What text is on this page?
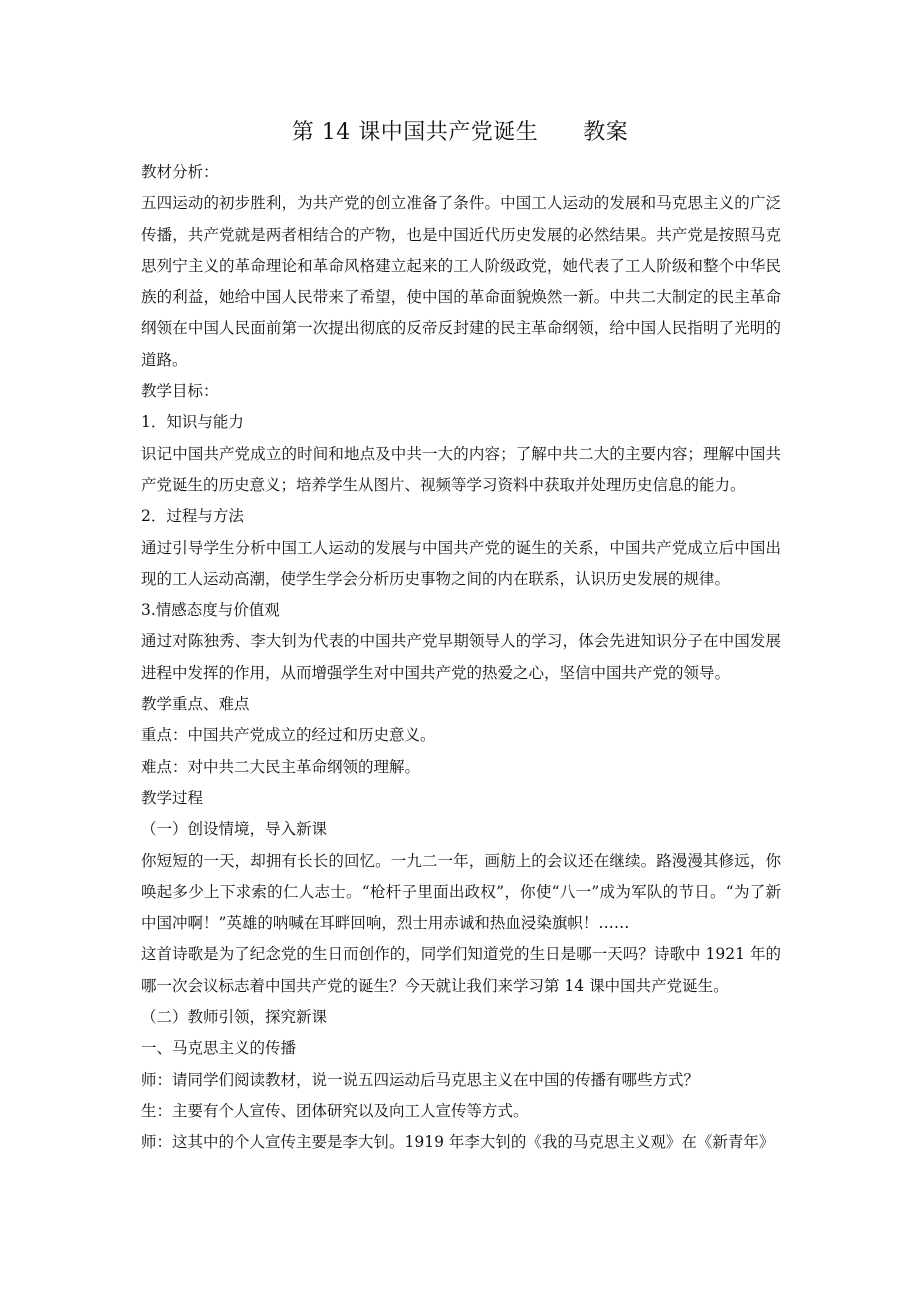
第 14 课中国共产党诞生      教案

教材分析：

五四运动的初步胜利，为共产党的创立准备了条件。中国工人运动的发展和马克思主义的广泛传播，共产党就是两者相结合的产物，也是中国近代历史发展的必然结果。共产党是按照马克思列宁主义的革命理论和革命风格建立起来的工人阶级政党，她代表了工人阶级和整个中华民族的利益，她给中国人民带来了希望，使中国的革命面貌焕然一新。中共二大制定的民主革命纲领在中国人民面前第一次提出彻底的反帝反封建的民主革命纲领，给中国人民指明了光明的道路。

教学目标：

1．知识与能力

识记中国共产党成立的时间和地点及中共一大的内容；了解中共二大的主要内容；理解中国共产党诞生的历史意义；培养学生从图片、视频等学习资料中获取并处理历史信息的能力。

2．过程与方法

通过引导学生分析中国工人运动的发展与中国共产党的诞生的关系，中国共产党成立后中国出现的工人运动高潮，使学生学会分析历史事物之间的内在联系，认识历史发展的规律。

3.情感态度与价值观

通过对陈独秀、李大钊为代表的中国共产党早期领导人的学习，体会先进知识分子在中国发展进程中发挥的作用，从而增强学生对中国共产党的热爱之心，坚信中国共产党的领导。

教学重点、难点

重点：中国共产党成立的经过和历史意义。

难点：对中共二大民主革命纲领的理解。

教学过程

（一）创设情境，导入新课

你短短的一天，却拥有长长的回忆。一九二一年，画舫上的会议还在继续。路漫漫其修远，你唤起多少上下求索的仁人志士。“枪杆子里面出政权”，你使“八一”成为军队的节日。“为了新中国冲啊！”英雄的呐喊在耳畔回响，烈士用赤诚和热血浸染旗帜！……

这首诗歌是为了纪念党的生日而创作的，同学们知道党的生日是哪一天吗？诗歌中 1921 年的哪一次会议标志着中国共产党的诞生？今天就让我们来学习第 14 课中国共产党诞生。

（二）教师引领，探究新课

一、马克思主义的传播

师：请同学们阅读教材，说一说五四运动后马克思主义在中国的传播有哪些方式？

生：主要有个人宣传、团体研究以及向工人宣传等方式。

师：这其中的个人宣传主要是李大钊。1919 年李大钊的《我的马克思主义观》在《新青年》
